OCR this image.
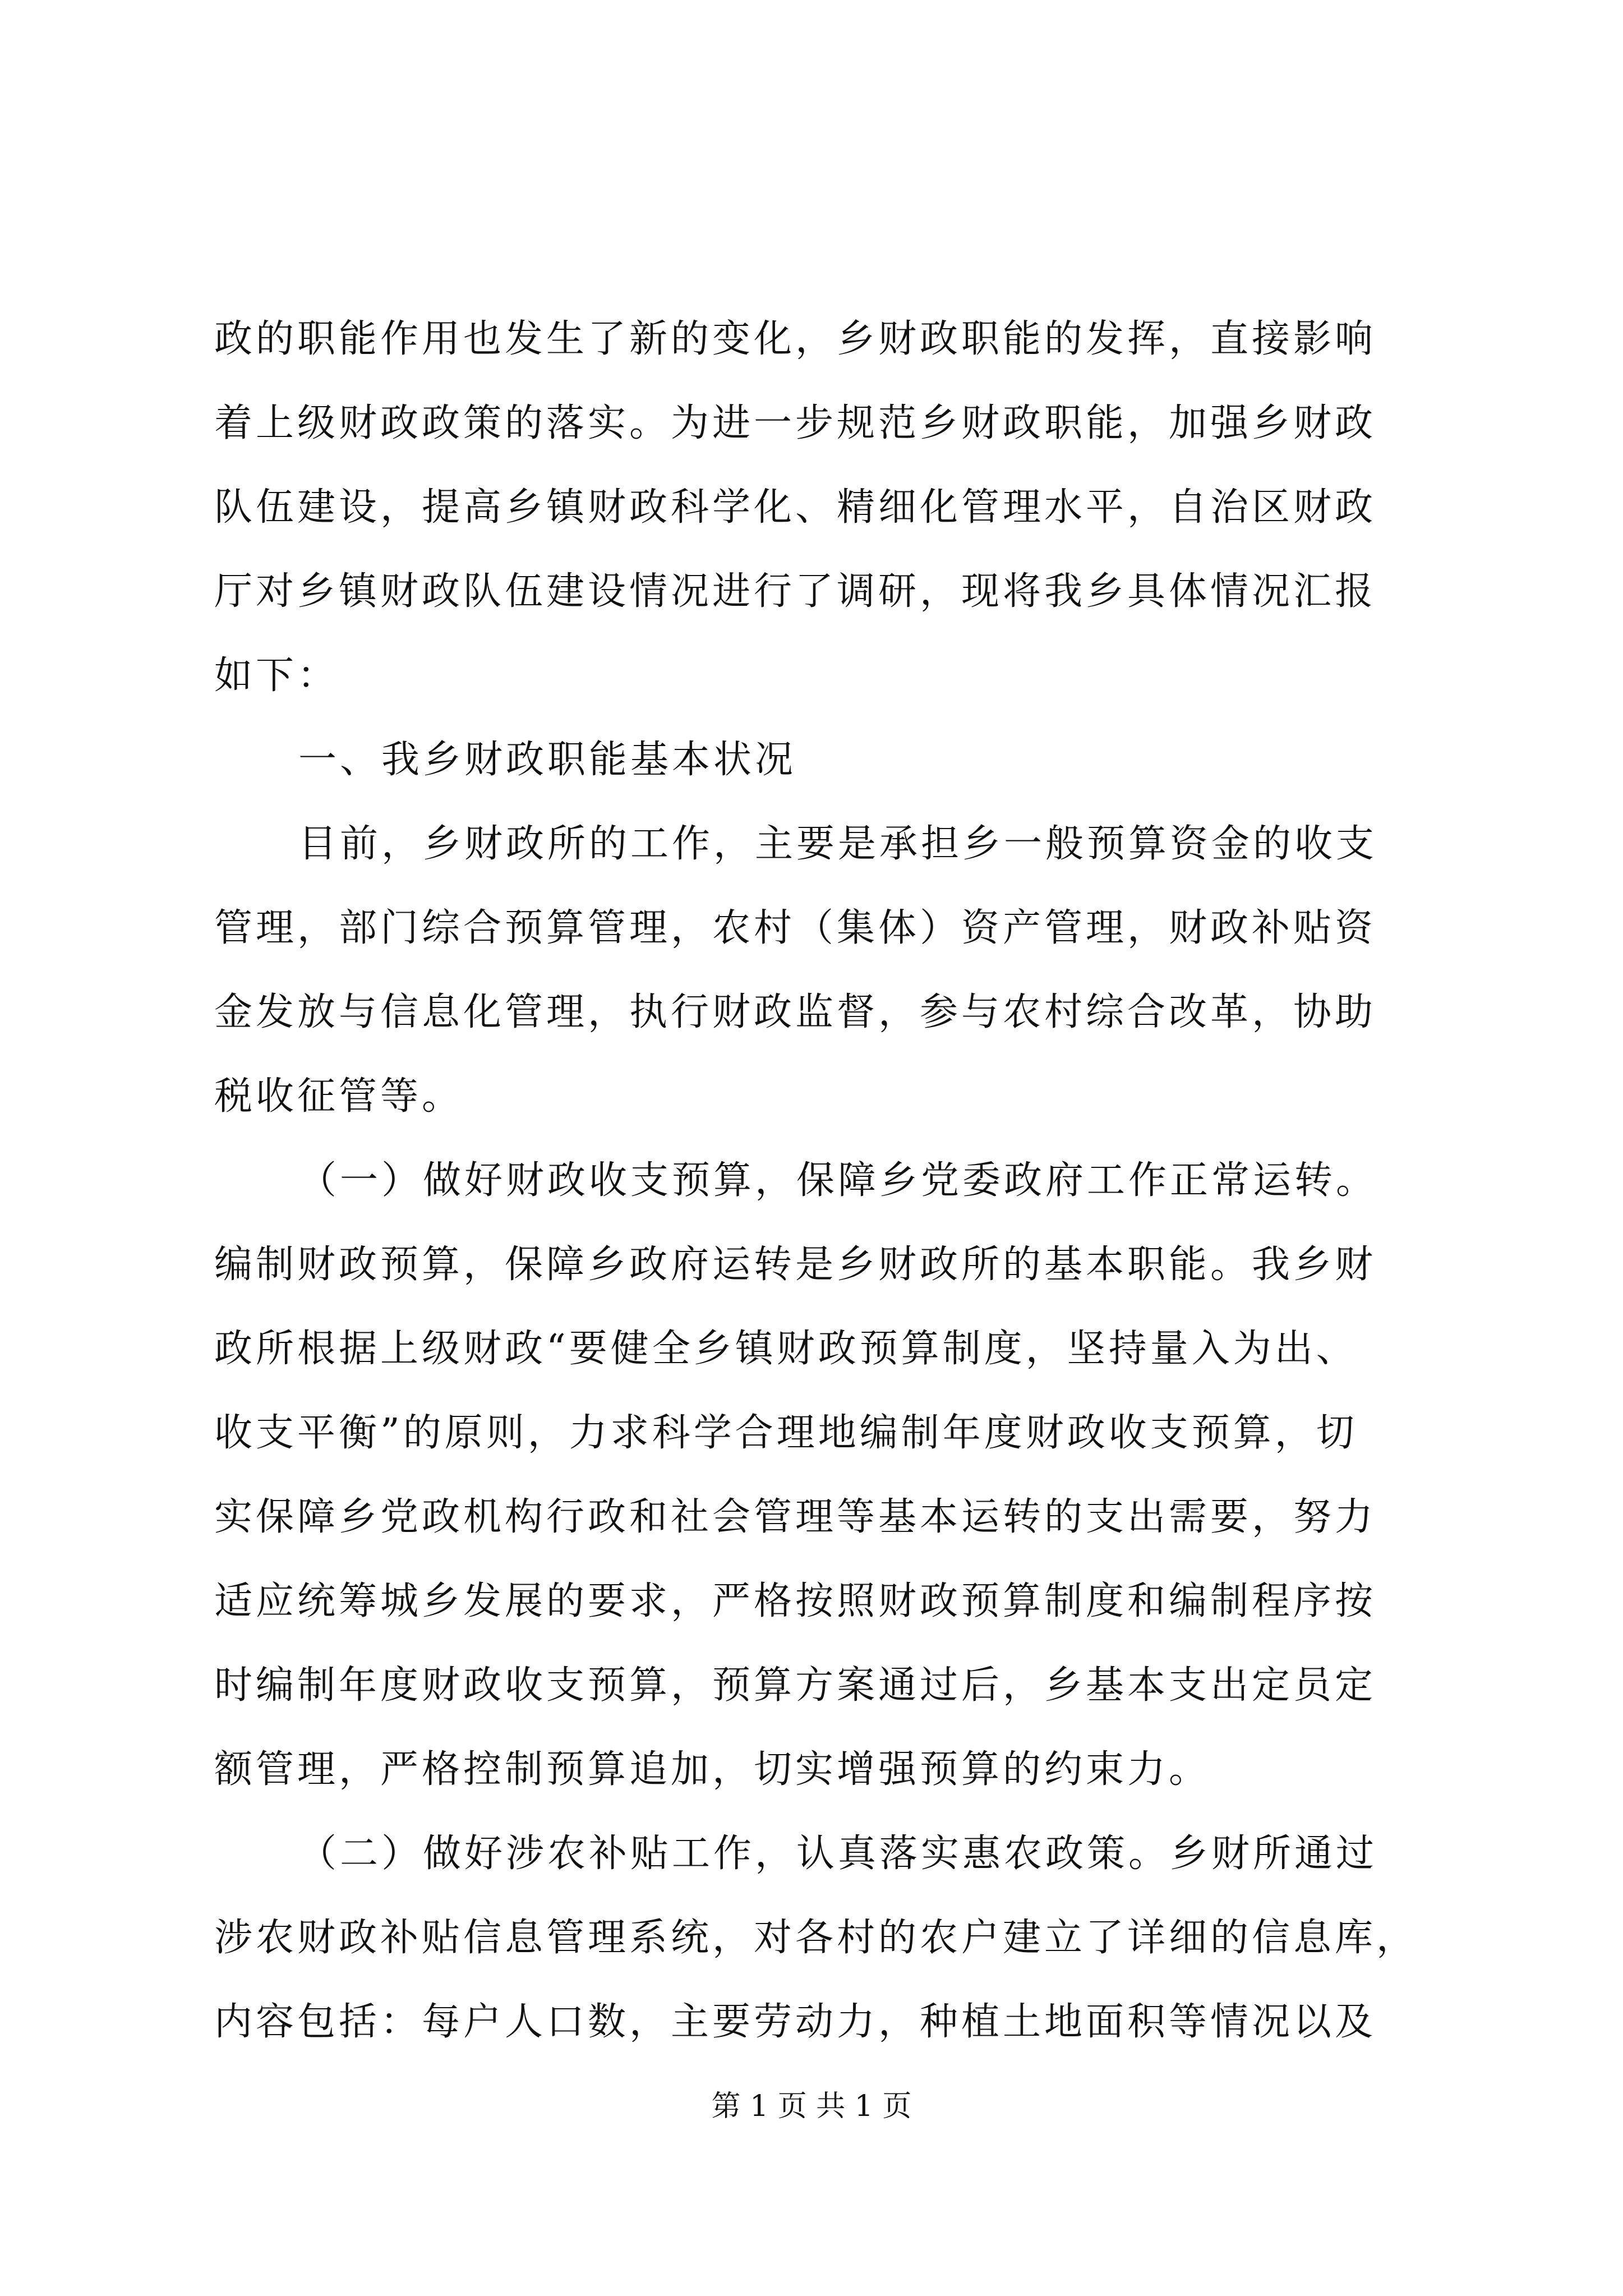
政的职能作用也发生了新的变化，乡财政职能的发挥，直接影响
着上级财政政策的落实。为进一步规范乡财政职能，加强乡财政
队伍建设，提高乡镇财政科学化、精细化管理水平，自治区财政
厅对乡镇财政队伍建设情况进行了调研，现将我乡具体情况汇报
如下：
一、我乡财政职能基本状况
目前，乡财政所的工作，主要是承担乡一般预算资金的收支
管理，部门综合预算管理，农村（集体）资产管理，财政补贴资
金发放与信息化管理，执行财政监督，参与农村综合改革，协助
税收征管等。
（一）做好财政收支预算，保障乡党委政府工作正常运转。
编制财政预算，保障乡政府运转是乡财政所的基本职能。我乡财
政所根据上级财政“要健全乡镇财政预算制度，坚持量入为出、
收支平衡”的原则，力求科学合理地编制年度财政收支预算，切
实保障乡党政机构行政和社会管理等基本运转的支出需要，努力
适应统筹城乡发展的要求，严格按照财政预算制度和编制程序按
时编制年度财政收支预算，预算方案通过后，乡基本支出定员定
额管理，严格控制预算追加，切实增强预算的约束力。
（二）做好涉农补贴工作，认真落实惠农政策。乡财所通过
涉农财政补贴信息管理系统，对各村的农户建立了详细的信息库，
内容包括：每户人口数，主要劳动力，种植土地面积等情况以及
第 1 页 共 1 页
